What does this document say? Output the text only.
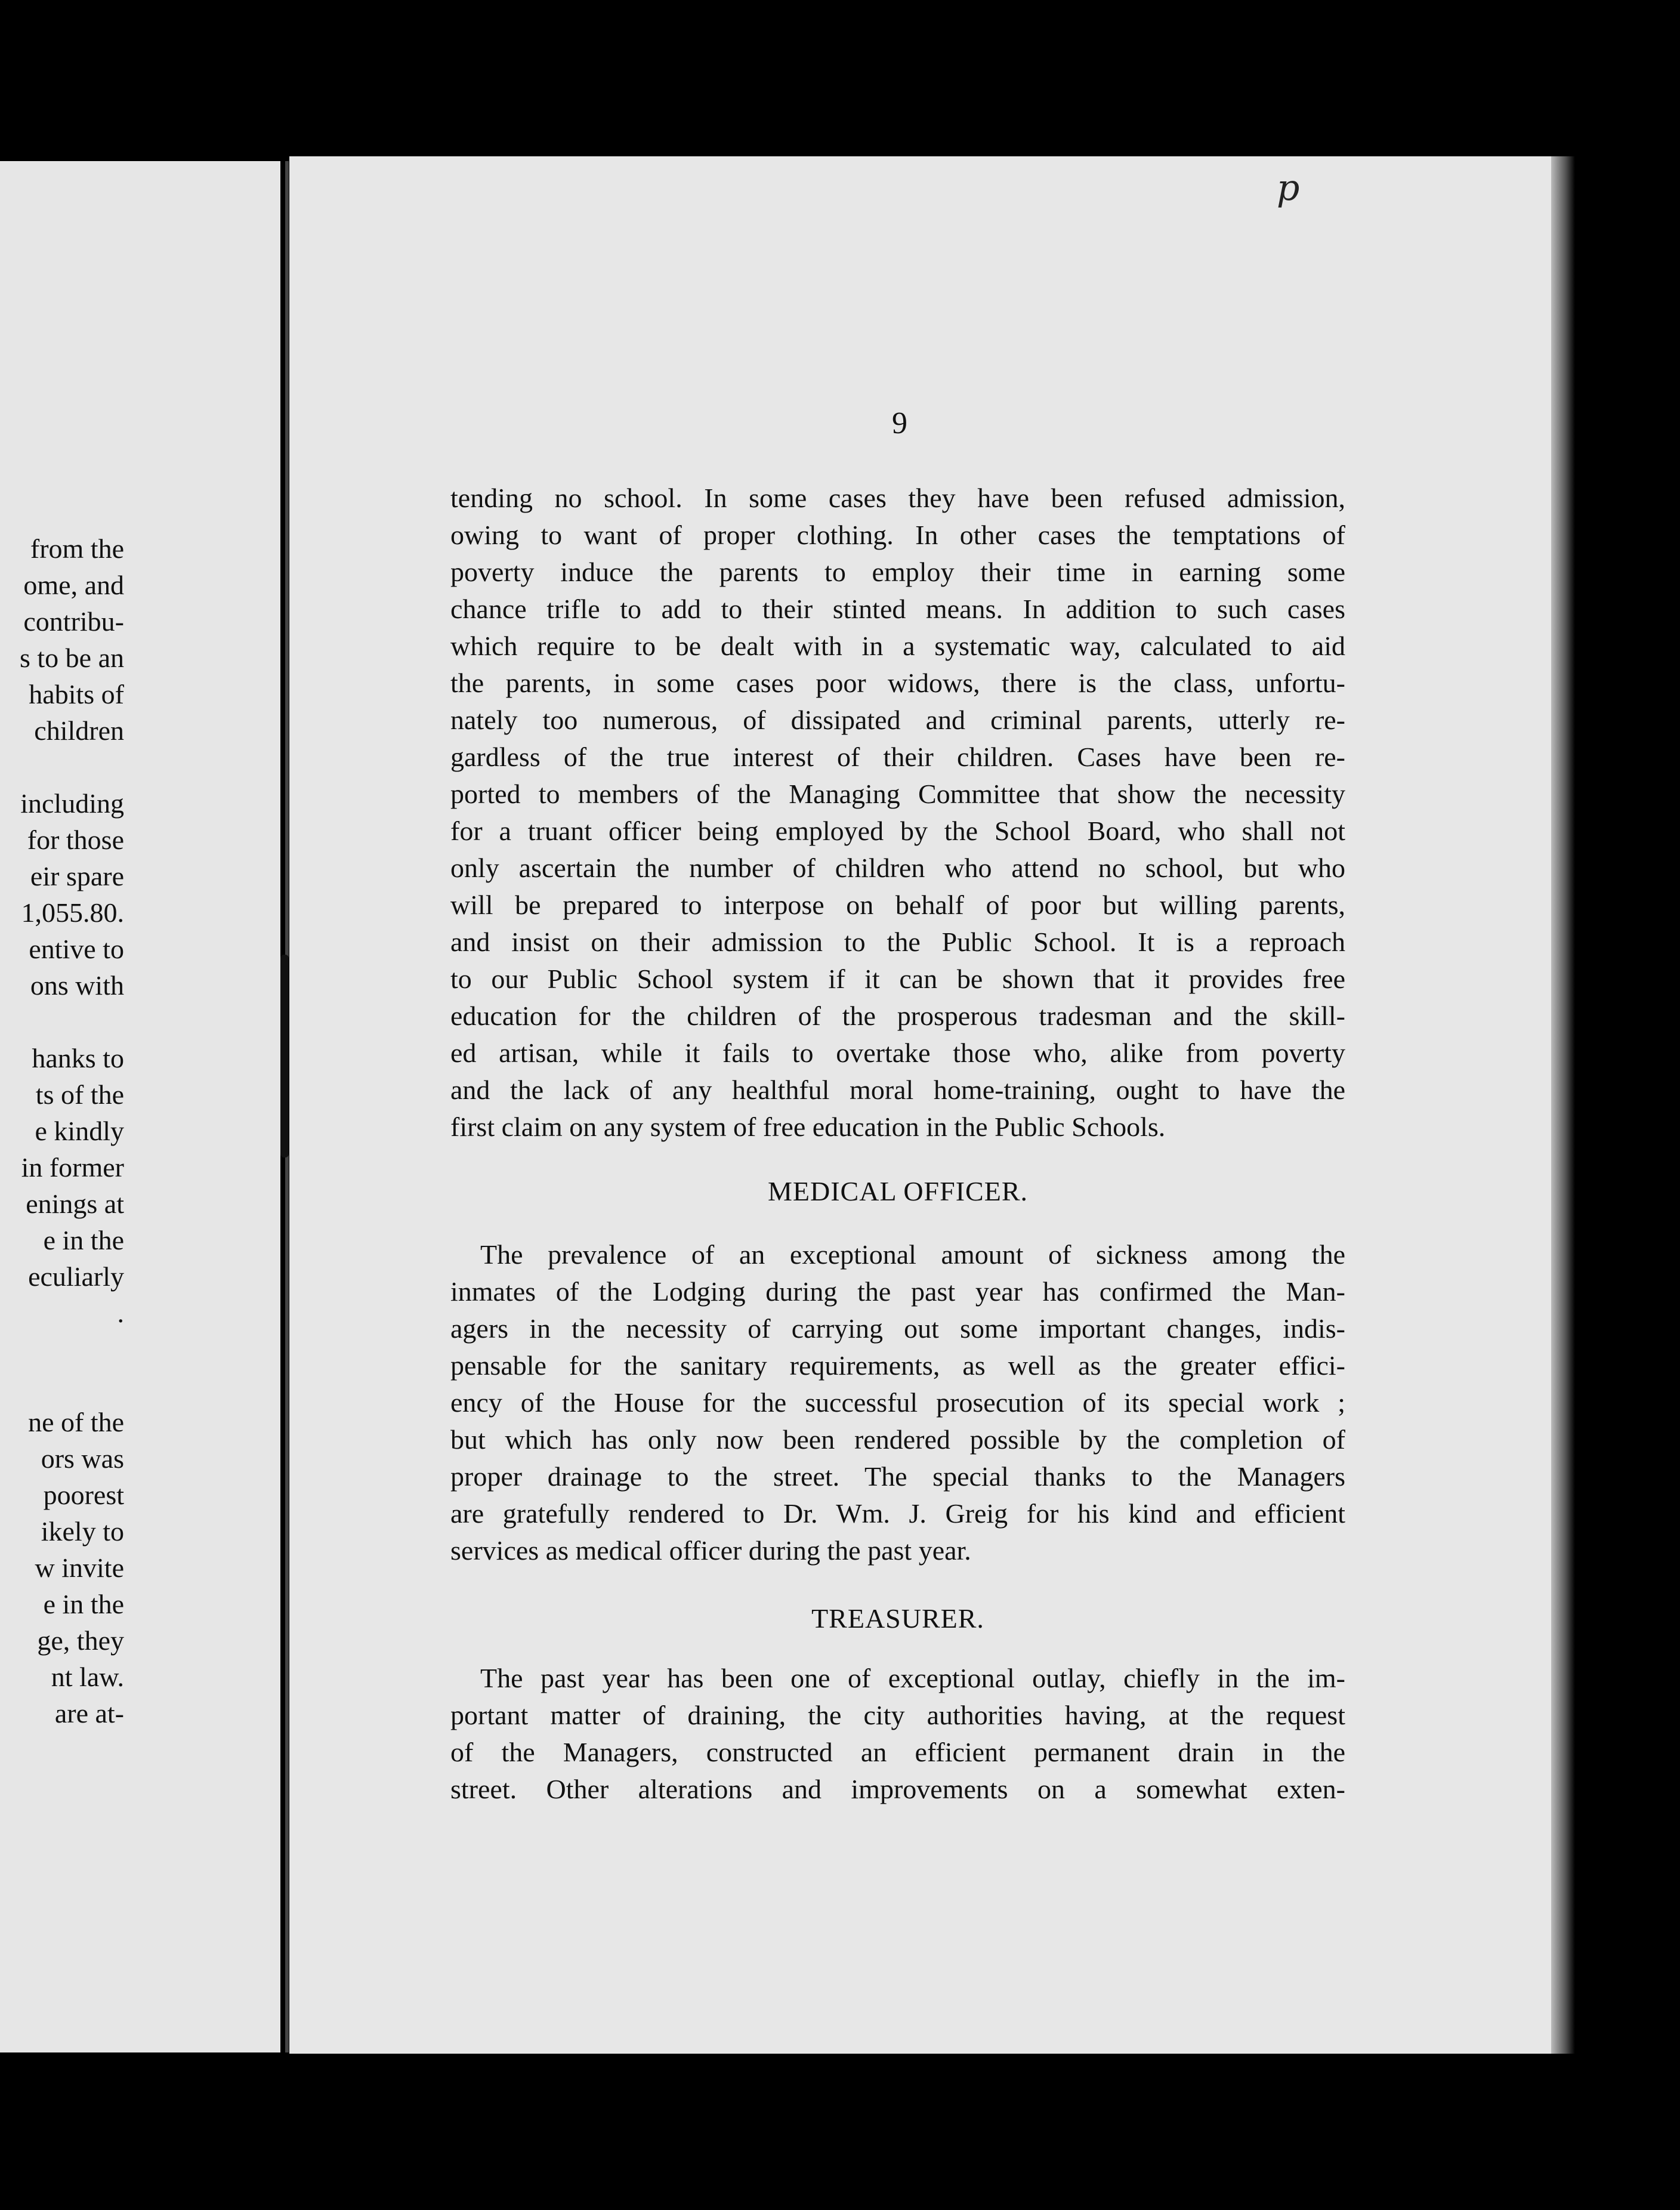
from the
ome, and
contribu-
s to be an
habits of
children
including
for those
eir spare
1,055.80.
entive to
ons with
hanks to
ts of the
e kindly
in former
enings at
e in the
eculiarly
.
ne of the
ors was
poorest
ikely to
w invite
e in the
ge, they
nt law.
are at-
p
9
tending no school. In some cases they have been refused admission,
owing to want of proper clothing. In other cases the temptations of
poverty induce the parents to employ their time in earning some
chance trifle to add to their stinted means. In addition to such cases
which require to be dealt with in a systematic way, calculated to aid
the parents, in some cases poor widows, there is the class, unfortu-
nately too numerous, of dissipated and criminal parents, utterly re-
gardless of the true interest of their children. Cases have been re-
ported to members of the Managing Committee that show the necessity
for a truant officer being employed by the School Board, who shall not
only ascertain the number of children who attend no school, but who
will be prepared to interpose on behalf of poor but willing parents,
and insist on their admission to the Public School. It is a reproach
to our Public School system if it can be shown that it provides free
education for the children of the prosperous tradesman and the skill-
ed artisan, while it fails to overtake those who, alike from poverty
and the lack of any healthful moral home-training, ought to have the
first claim on any system of free education in the Public Schools.
MEDICAL OFFICER.
The prevalence of an exceptional amount of sickness among the
inmates of the Lodging during the past year has confirmed the Man-
agers in the necessity of carrying out some important changes, indis-
pensable for the sanitary requirements, as well as the greater effici-
ency of the House for the successful prosecution of its special work ;
but which has only now been rendered possible by the completion of
proper drainage to the street. The special thanks to the Managers
are gratefully rendered to Dr. Wm. J. Greig for his kind and efficient
services as medical officer during the past year.
TREASURER.
The past year has been one of exceptional outlay, chiefly in the im-
portant matter of draining, the city authorities having, at the request
of the Managers, constructed an efficient permanent drain in the
street. Other alterations and improvements on a somewhat exten-
